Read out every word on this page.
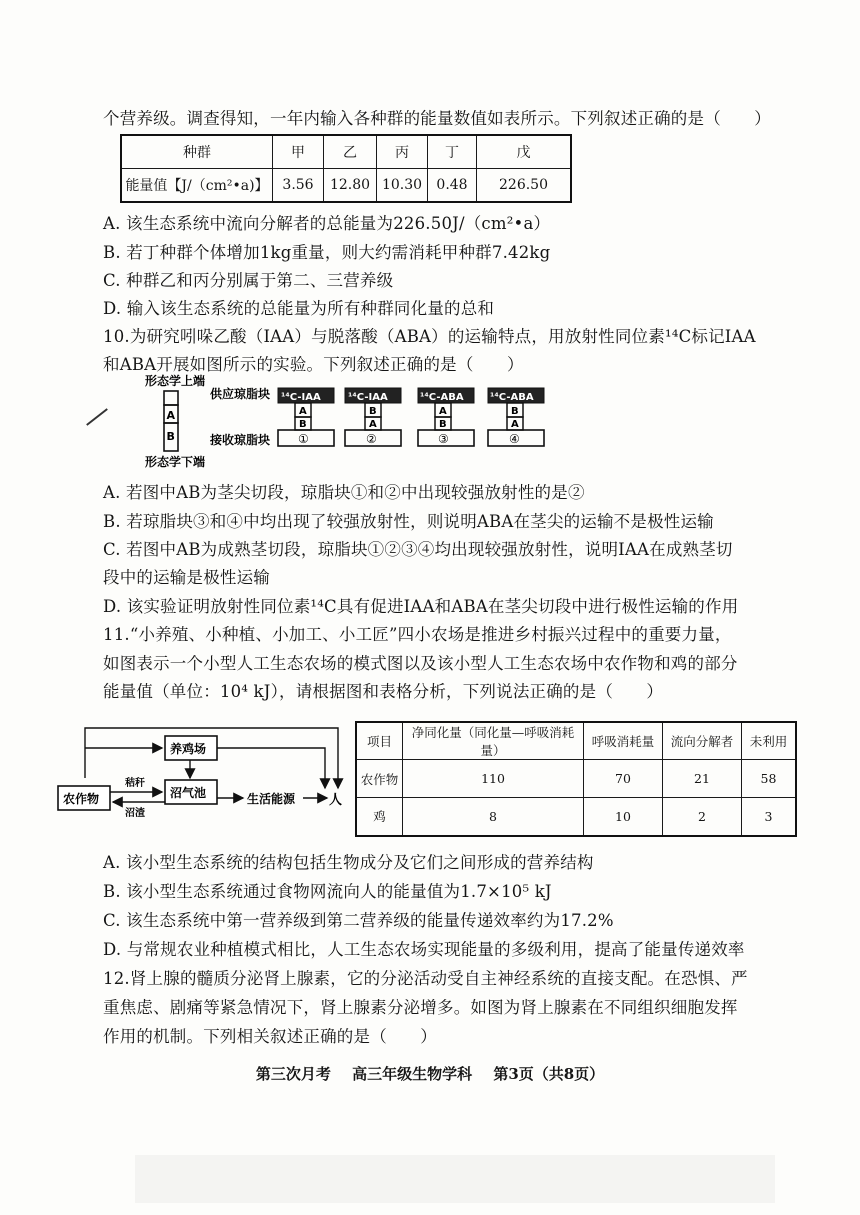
个营养级。调查得知，一年内输入各种群的能量数值如表所示。下列叙述正确的是（　　）
种群	甲	乙	丙	丁	戊
能量值【J/（cm²•a)】	3.56	12.80	10.30	0.48	226.50
A. 该生态系统中流向分解者的总能量为226.50J/（cm²•a）
B. 若丁种群个体增加1kg重量，则大约需消耗甲种群7.42kg
C. 种群乙和丙分别属于第二、三营养级
D. 输入该生态系统的总能量为所有种群同化量的总和
10.为研究吲哚乙酸（IAA）与脱落酸（ABA）的运输特点，用放射性同位素¹⁴C标记IAA
和ABA开展如图所示的实验。下列叙述正确的是（　　）
形态学上端
A
B
形态学下端
供应琼脂块
接收琼脂块
¹⁴C-IAA
A
B
①
¹⁴C-IAA
B
A
②
¹⁴C-ABA
A
B
③
¹⁴C-ABA
B
A
④
A. 若图中AB为茎尖切段，琼脂块①和②中出现较强放射性的是②
B. 若琼脂块③和④中均出现了较强放射性，则说明ABA在茎尖的运输不是极性运输
C. 若图中AB为成熟茎切段，琼脂块①②③④均出现较强放射性，说明IAA在成熟茎切
段中的运输是极性运输
D. 该实验证明放射性同位素¹⁴C具有促进IAA和ABA在茎尖切段中进行极性运输的作用
11.“小养殖、小种植、小加工、小工匠”四小农场是推进乡村振兴过程中的重要力量，
如图表示一个小型人工生态农场的模式图以及该小型人工生态农场中农作物和鸡的部分
能量值（单位：10⁴ kJ），请根据图和表格分析，下列说法正确的是（　　）
养鸡场
农作物	沼气池
秸秆
沼渣
生活能源	人
项目	净同化量（同化量—呼吸消耗量）	呼吸消耗量	流向分解者	未利用
农作物	110	70	21	58
鸡	8	10	2	3
A. 该小型生态系统的结构包括生物成分及它们之间形成的营养结构
B. 该小型生态系统通过食物网流向人的能量值为1.7×10⁵ kJ
C. 该生态系统中第一营养级到第二营养级的能量传递效率约为17.2%
D. 与常规农业种植模式相比，人工生态农场实现能量的多级利用，提高了能量传递效率
12.肾上腺的髓质分泌肾上腺素，它的分泌活动受自主神经系统的直接支配。在恐惧、严
重焦虑、剧痛等紧急情况下，肾上腺素分泌增多。如图为肾上腺素在不同组织细胞发挥
作用的机制。下列相关叙述正确的是（　　）
第三次月考 高三年级生物学科 第3页（共8页）
